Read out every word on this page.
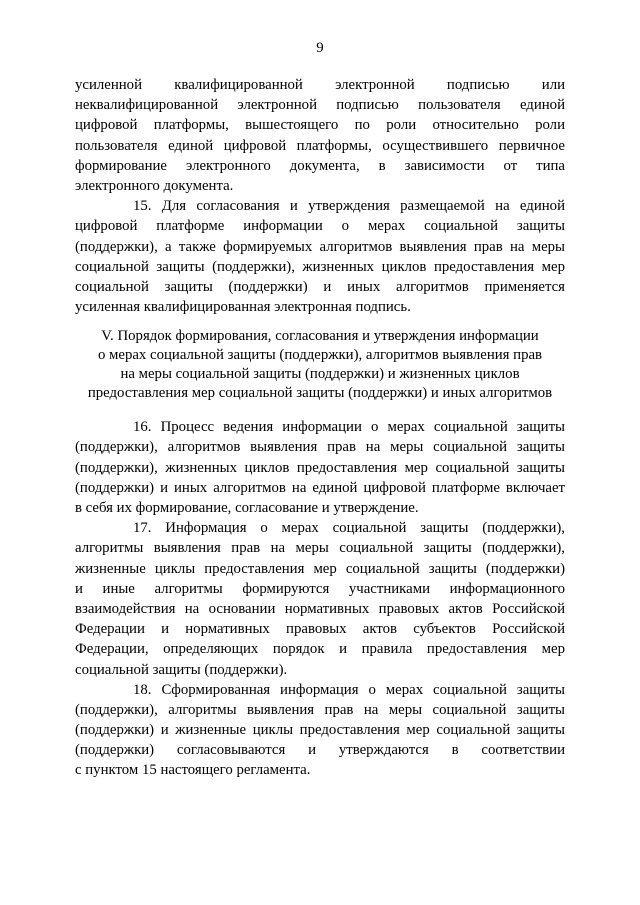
9
усиленной квалифицированной электронной подписью или
неквалифицированной электронной подписью пользователя единой
цифровой платформы, вышестоящего по роли относительно роли
пользователя единой цифровой платформы, осуществившего первичное
формирование электронного документа, в зависимости от типа
электронного документа.
15. Для согласования и утверждения размещаемой на единой
цифровой платформе информации о мерах социальной защиты
(поддержки), а также формируемых алгоритмов выявления прав на меры
социальной защиты (поддержки), жизненных циклов предоставления мер
социальной защиты (поддержки) и иных алгоритмов применяется
усиленная квалифицированная электронная подпись.
V. Порядок формирования, согласования и утверждения информации
о мерах социальной защиты (поддержки), алгоритмов выявления прав
на меры социальной защиты (поддержки) и жизненных циклов
предоставления мер социальной защиты (поддержки) и иных алгоритмов
16. Процесс ведения информации о мерах социальной защиты
(поддержки), алгоритмов выявления прав на меры социальной защиты
(поддержки), жизненных циклов предоставления мер социальной защиты
(поддержки) и иных алгоритмов на единой цифровой платформе включает
в себя их формирование, согласование и утверждение.
17. Информация о мерах социальной защиты (поддержки),
алгоритмы выявления прав на меры социальной защиты (поддержки),
жизненные циклы предоставления мер социальной защиты (поддержки)
и иные алгоритмы формируются участниками информационного
взаимодействия на основании нормативных правовых актов Российской
Федерации и нормативных правовых актов субъектов Российской
Федерации, определяющих порядок и правила предоставления мер
социальной защиты (поддержки).
18. Сформированная информация о мерах социальной защиты
(поддержки), алгоритмы выявления прав на меры социальной защиты
(поддержки) и жизненные циклы предоставления мер социальной защиты
(поддержки) согласовываются и утверждаются в соответствии
с пунктом 15 настоящего регламента.
